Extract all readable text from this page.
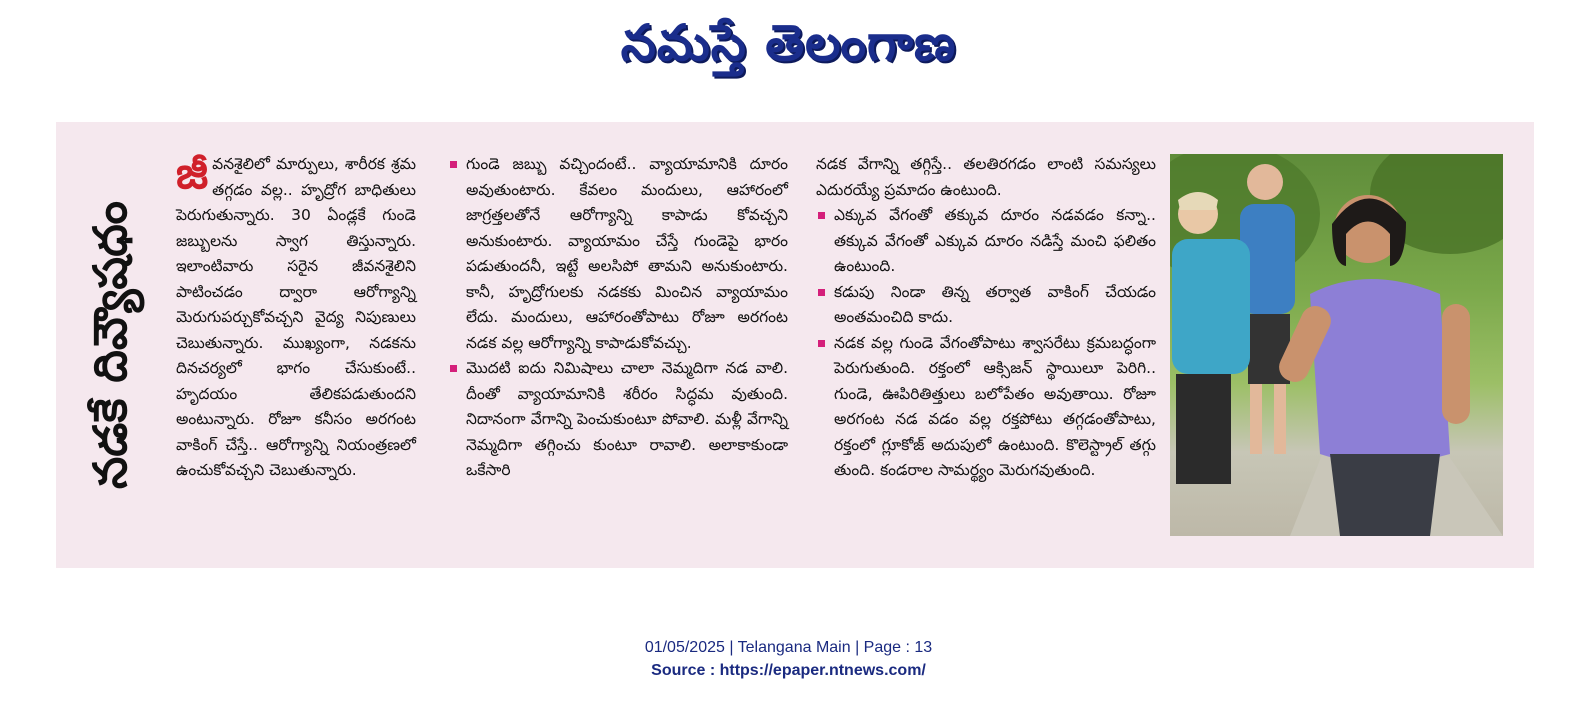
నమస్తే తెలంగాణ
నడకే దివ్యౌషధం

జీవనశైలిలో మార్పులు, శారీరక శ్రమ తగ్గడం వల్ల.. హృద్రోగ బాధితులు పెరుగుతున్నారు. 30 ఏండ్లకే గుండె జబ్బులను స్వాగ తిస్తున్నారు. ఇలాంటివారు సరైన జీవనశైలిని పాటించడం ద్వారా ఆరోగ్యాన్ని మెరుగుపర్చుకోవచ్చని వైద్య నిపుణులు చెబుతున్నారు. ముఖ్యంగా, నడకను దినచర్యలో భాగం చేసుకుంటే.. హృదయం తేలికపడుతుందని అంటున్నారు. రోజూ కనీసం అరగంట వాకింగ్ చేస్తే.. ఆరోగ్యాన్ని నియంత్రణలో ఉంచుకోవచ్చని చెబుతున్నారు.

గుండె జబ్బు వచ్చిందంటే.. వ్యాయామానికి దూరం అవుతుంటారు. కేవలం మందులు, ఆహారంలో జాగ్రత్తలతోనే ఆరోగ్యాన్ని కాపాడు కోవచ్చని అనుకుంటారు. వ్యాయామం చేస్తే గుండెపై భారం పడుతుందనీ, ఇట్టే అలసిపో తామని అనుకుంటారు. కానీ, హృద్రోగులకు నడకకు మించిన వ్యాయామం లేదు. మందులు, ఆహారంతోపాటు రోజూ అరగంట నడక వల్ల ఆరోగ్యాన్ని కాపాడుకోవచ్చు.

మొదటి ఐదు నిమిషాలు చాలా నెమ్మదిగా నడ వాలి. దీంతో వ్యాయామానికి శరీరం సిద్ధమ వుతుంది. నిదానంగా వేగాన్ని పెంచుకుంటూ పోవాలి. మళ్లీ వేగాన్ని నెమ్మదిగా తగ్గించు కుంటూ రావాలి. అలాకాకుండా ఒకేసారి

నడక వేగాన్ని తగ్గిస్తే.. తలతిరగడం లాంటి సమస్యలు ఎదురయ్యే ప్రమాదం ఉంటుంది.

ఎక్కువ వేగంతో తక్కువ దూరం నడవడం కన్నా.. తక్కువ వేగంతో ఎక్కువ దూరం నడిస్తే మంచి ఫలితం ఉంటుంది.

కడుపు నిండా తిన్న తర్వాత వాకింగ్ చేయడం అంతమంచిది కాదు.

నడక వల్ల గుండె వేగంతోపాటు శ్వాసరేటు క్రమబద్ధంగా పెరుగుతుంది. రక్తంలో ఆక్సిజన్ స్థాయిలూ పెరిగి.. గుండె, ఊపిరితిత్తులు బలోపేతం అవుతాయి. రోజూ అరగంట నడ వడం వల్ల రక్తపోటు తగ్గడంతోపాటు, రక్తంలో గ్లూకోజ్ అదుపులో ఉంటుంది. కొలెస్ట్రాల్ తగ్గు తుంది. కండరాల సామర్థ్యం మెరుగవుతుంది.

01/05/2025 | Telangana Main | Page : 13
Source : https://epaper.ntnews.com/
